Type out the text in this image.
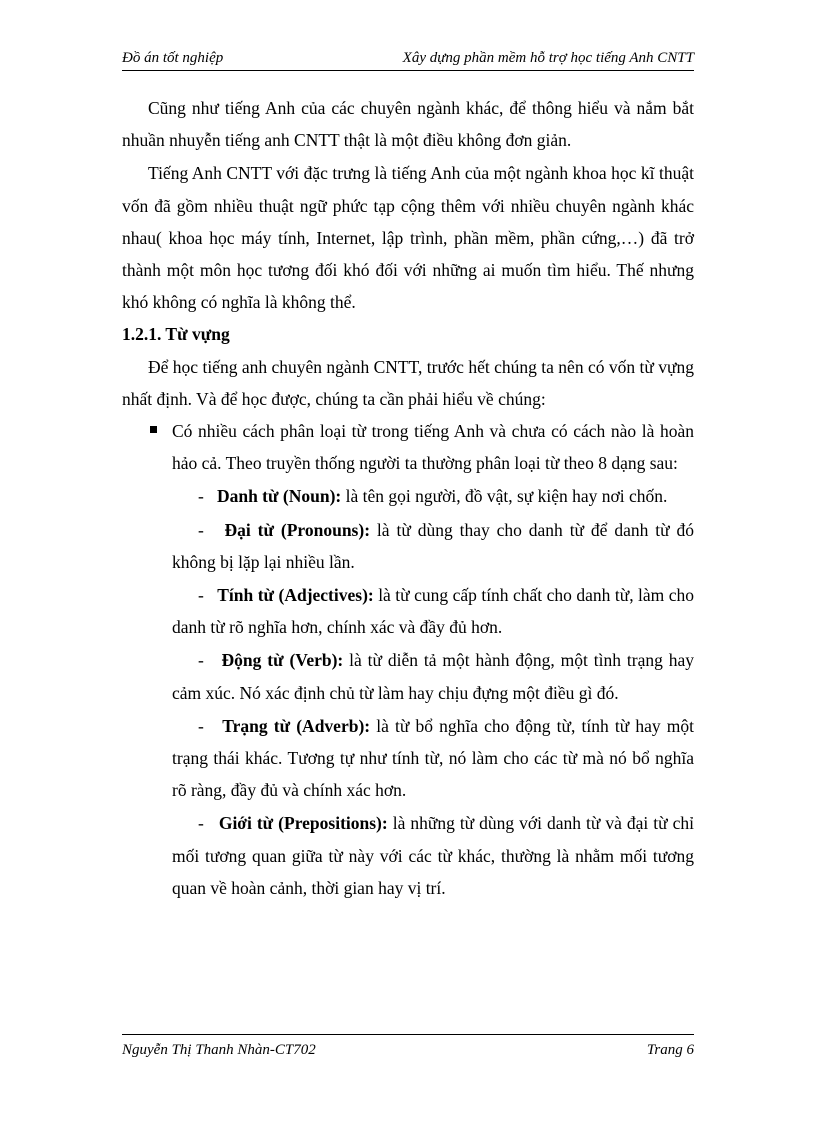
Đồ án tốt nghiệp	Xây dựng phần mềm hỗ trợ học tiếng Anh CNTT

Cũng như tiếng Anh của các chuyên ngành khác, để thông hiểu và nắm bắt nhuần nhuyễn tiếng anh CNTT thật là một điều không đơn giản.

Tiếng Anh CNTT với đặc trưng là tiếng Anh của một ngành khoa học kĩ thuật vốn đã gồm nhiều thuật ngữ phức tạp cộng thêm với nhiều chuyên ngành khác nhau( khoa học máy tính, Internet, lập trình, phần mềm, phần cứng,…) đã trở thành một môn học tương đối khó đối với những ai muốn tìm hiểu. Thế nhưng khó không có nghĩa là không thể.

1.2.1. Từ vựng

Để học tiếng anh chuyên ngành CNTT, trước hết chúng ta nên có vốn từ vựng nhất định. Và để học được, chúng ta cần phải hiểu về chúng:

Có nhiều cách phân loại từ trong tiếng Anh và chưa có cách nào là hoàn hảo cả. Theo truyền thống người ta thường phân loại từ theo 8 dạng sau:

- Danh từ (Noun): là tên gọi người, đồ vật, sự kiện hay nơi chốn.

- Đại từ (Pronouns): là từ dùng thay cho danh từ để danh từ đó không bị lặp lại nhiều lần.

- Tính từ (Adjectives): là từ cung cấp tính chất cho danh từ, làm cho danh từ rõ nghĩa hơn, chính xác và đầy đủ hơn.

- Động từ (Verb): là từ diễn tả một hành động, một tình trạng hay cảm xúc. Nó xác định chủ từ làm hay chịu đựng một điều gì đó.

- Trạng từ (Adverb): là từ bổ nghĩa cho động từ, tính từ hay một trạng thái khác. Tương tự như tính từ, nó làm cho các từ mà nó bổ nghĩa rõ ràng, đầy đủ và chính xác hơn.

- Giới từ (Prepositions): là những từ dùng với danh từ và đại từ chỉ mối tương quan giữa từ này với các từ khác, thường là nhằm mối tương quan về hoàn cảnh, thời gian hay vị trí.

Nguyễn Thị Thanh Nhàn-CT702	Trang 6
